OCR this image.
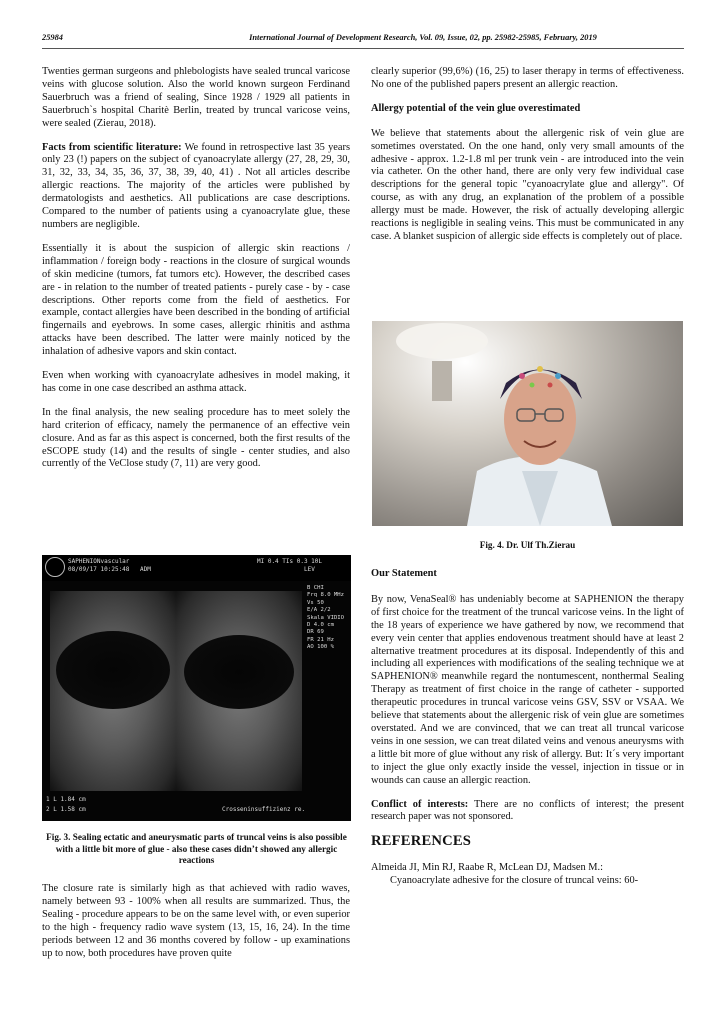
25984	International Journal of Development Research, Vol. 09, Issue, 02, pp. 25982-25985, February, 2019

Twenties german surgeons and phlebologists have sealed truncal varicose veins with glucose solution. Also the world known surgeon Ferdinand Sauerbruch was a friend of sealing, Since 1928 / 1929 all patients in Sauerbruch`s hospital Charitè Berlin, treated by truncal varicose veins, were sealed (Zierau, 2018).

Facts from scientific literature: We found in retrospective last 35 years only 23 (!) papers on the subject of cyanoacrylate allergy (27, 28, 29, 30, 31, 32, 33, 34, 35, 36, 37, 38, 39, 40, 41) . Not all articles describe allergic reactions. The majority of the articles were published by dermatologists and aesthetics. All publications are case descriptions. Compared to the number of patients using a cyanoacrylate glue, these numbers are negligible.

Essentially it is about the suspicion of allergic skin reactions / inflammation / foreign body - reactions in the closure of surgical wounds of skin medicine (tumors, fat tumors etc). However, the described cases are - in relation to the number of treated patients - purely case - by - case descriptions. Other reports come from the field of aesthetics. For example, contact allergies have been described in the bonding of artificial fingernails and eyebrows. In some cases, allergic rhinitis and asthma attacks have been described. The latter were mainly noticed by the inhalation of adhesive vapors and skin contact.

Even when working with cyanoacrylate adhesives in model making, it has come in one case described an asthma attack.

In the final analysis, the new sealing procedure has to meet solely the hard criterion of efficacy, namely the permanence of an effective vein closure. And as far as this aspect is concerned, both the first results of the eSCOPE study (14) and the results of single - center studies, and also currently of the VeClose study (7, 11) are very good.

SAPHENIONvascular
08/09/17 10:25:48 ADM
MI 0.4 TIs 0.3 10L
LEV
B CHI
Frq 8.0 MHz
Vs 50
E/A 2/2
Skala VIDIO
D 4.0 cm
DR 69
FR 21 Hz
AO 100 %
1 L 1.84 cm
2 L 1.58 cm	Crosseninsuffizienz re.
Fig. 3. Sealing ectatic and aneurysmatic parts of truncal veins is also possible with a little bit more of glue - also these cases didn’t showed any allergic reactions

The closure rate is similarly high as that achieved with radio waves, namely between 93 - 100% when all results are summarized. Thus, the Sealing - procedure appears to be on the same level with, or even superior to the high - frequency radio wave system (13, 15, 16, 24). In the time periods between 12 and 36 months covered by follow - up examinations up to now, both procedures have proven quite

clearly superior (99,6%) (16, 25) to laser therapy in terms of effectiveness. No one of the published papers present an allergic reaction.

Allergy potential of the vein glue overestimated

We believe that statements about the allergenic risk of vein glue are sometimes overstated. On the one hand, only very small amounts of the adhesive - approx. 1.2-1.8 ml per trunk vein - are introduced into the vein via catheter. On the other hand, there are only very few individual case descriptions for the general topic "cyanoacrylate glue and allergy". Of course, as with any drug, an explanation of the problem of a possible allergy must be made. However, the risk of actually developing allergic reactions is negligible in sealing veins. This must be communicated in any case. A blanket suspicion of allergic side effects is completely out of place.

Fig. 4. Dr. Ulf Th.Zierau

Our Statement

By now, VenaSeal® has undeniably become at SAPHENION the therapy of first choice for the treatment of the truncal varicose veins. In the light of the 18 years of experience we have gathered by now, we recommend that every vein center that applies endovenous treatment should have at least 2 alternative treatment procedures at its disposal. Independently of this and including all experiences with modifications of the sealing technique we at SAPHENION® meanwhile regard the nontumescent, nonthermal Sealing Therapy as treatment of first choice in the range of catheter - supported therapeutic procedures in truncal varicose veins GSV, SSV or VSAA. We believe that statements about the allergenic risk of vein glue are sometimes overstated. And we are convinced, that we can treat all truncal varicose veins in one session, we can treat dilated veins and venous aneurysms with a little bit more of glue without any risk of allergy. But: It´s very important to inject the glue only exactly inside the vessel, injection in tissue or in wounds can cause an allergic reaction.

Conflict of interests: There are no conflicts of interest; the present research paper was not sponsored.

REFERENCES

Almeida JI, Min RJ, Raabe R, McLean DJ, Madsen M.:
Cyanoacrylate adhesive for the closure of truncal veins: 60-
